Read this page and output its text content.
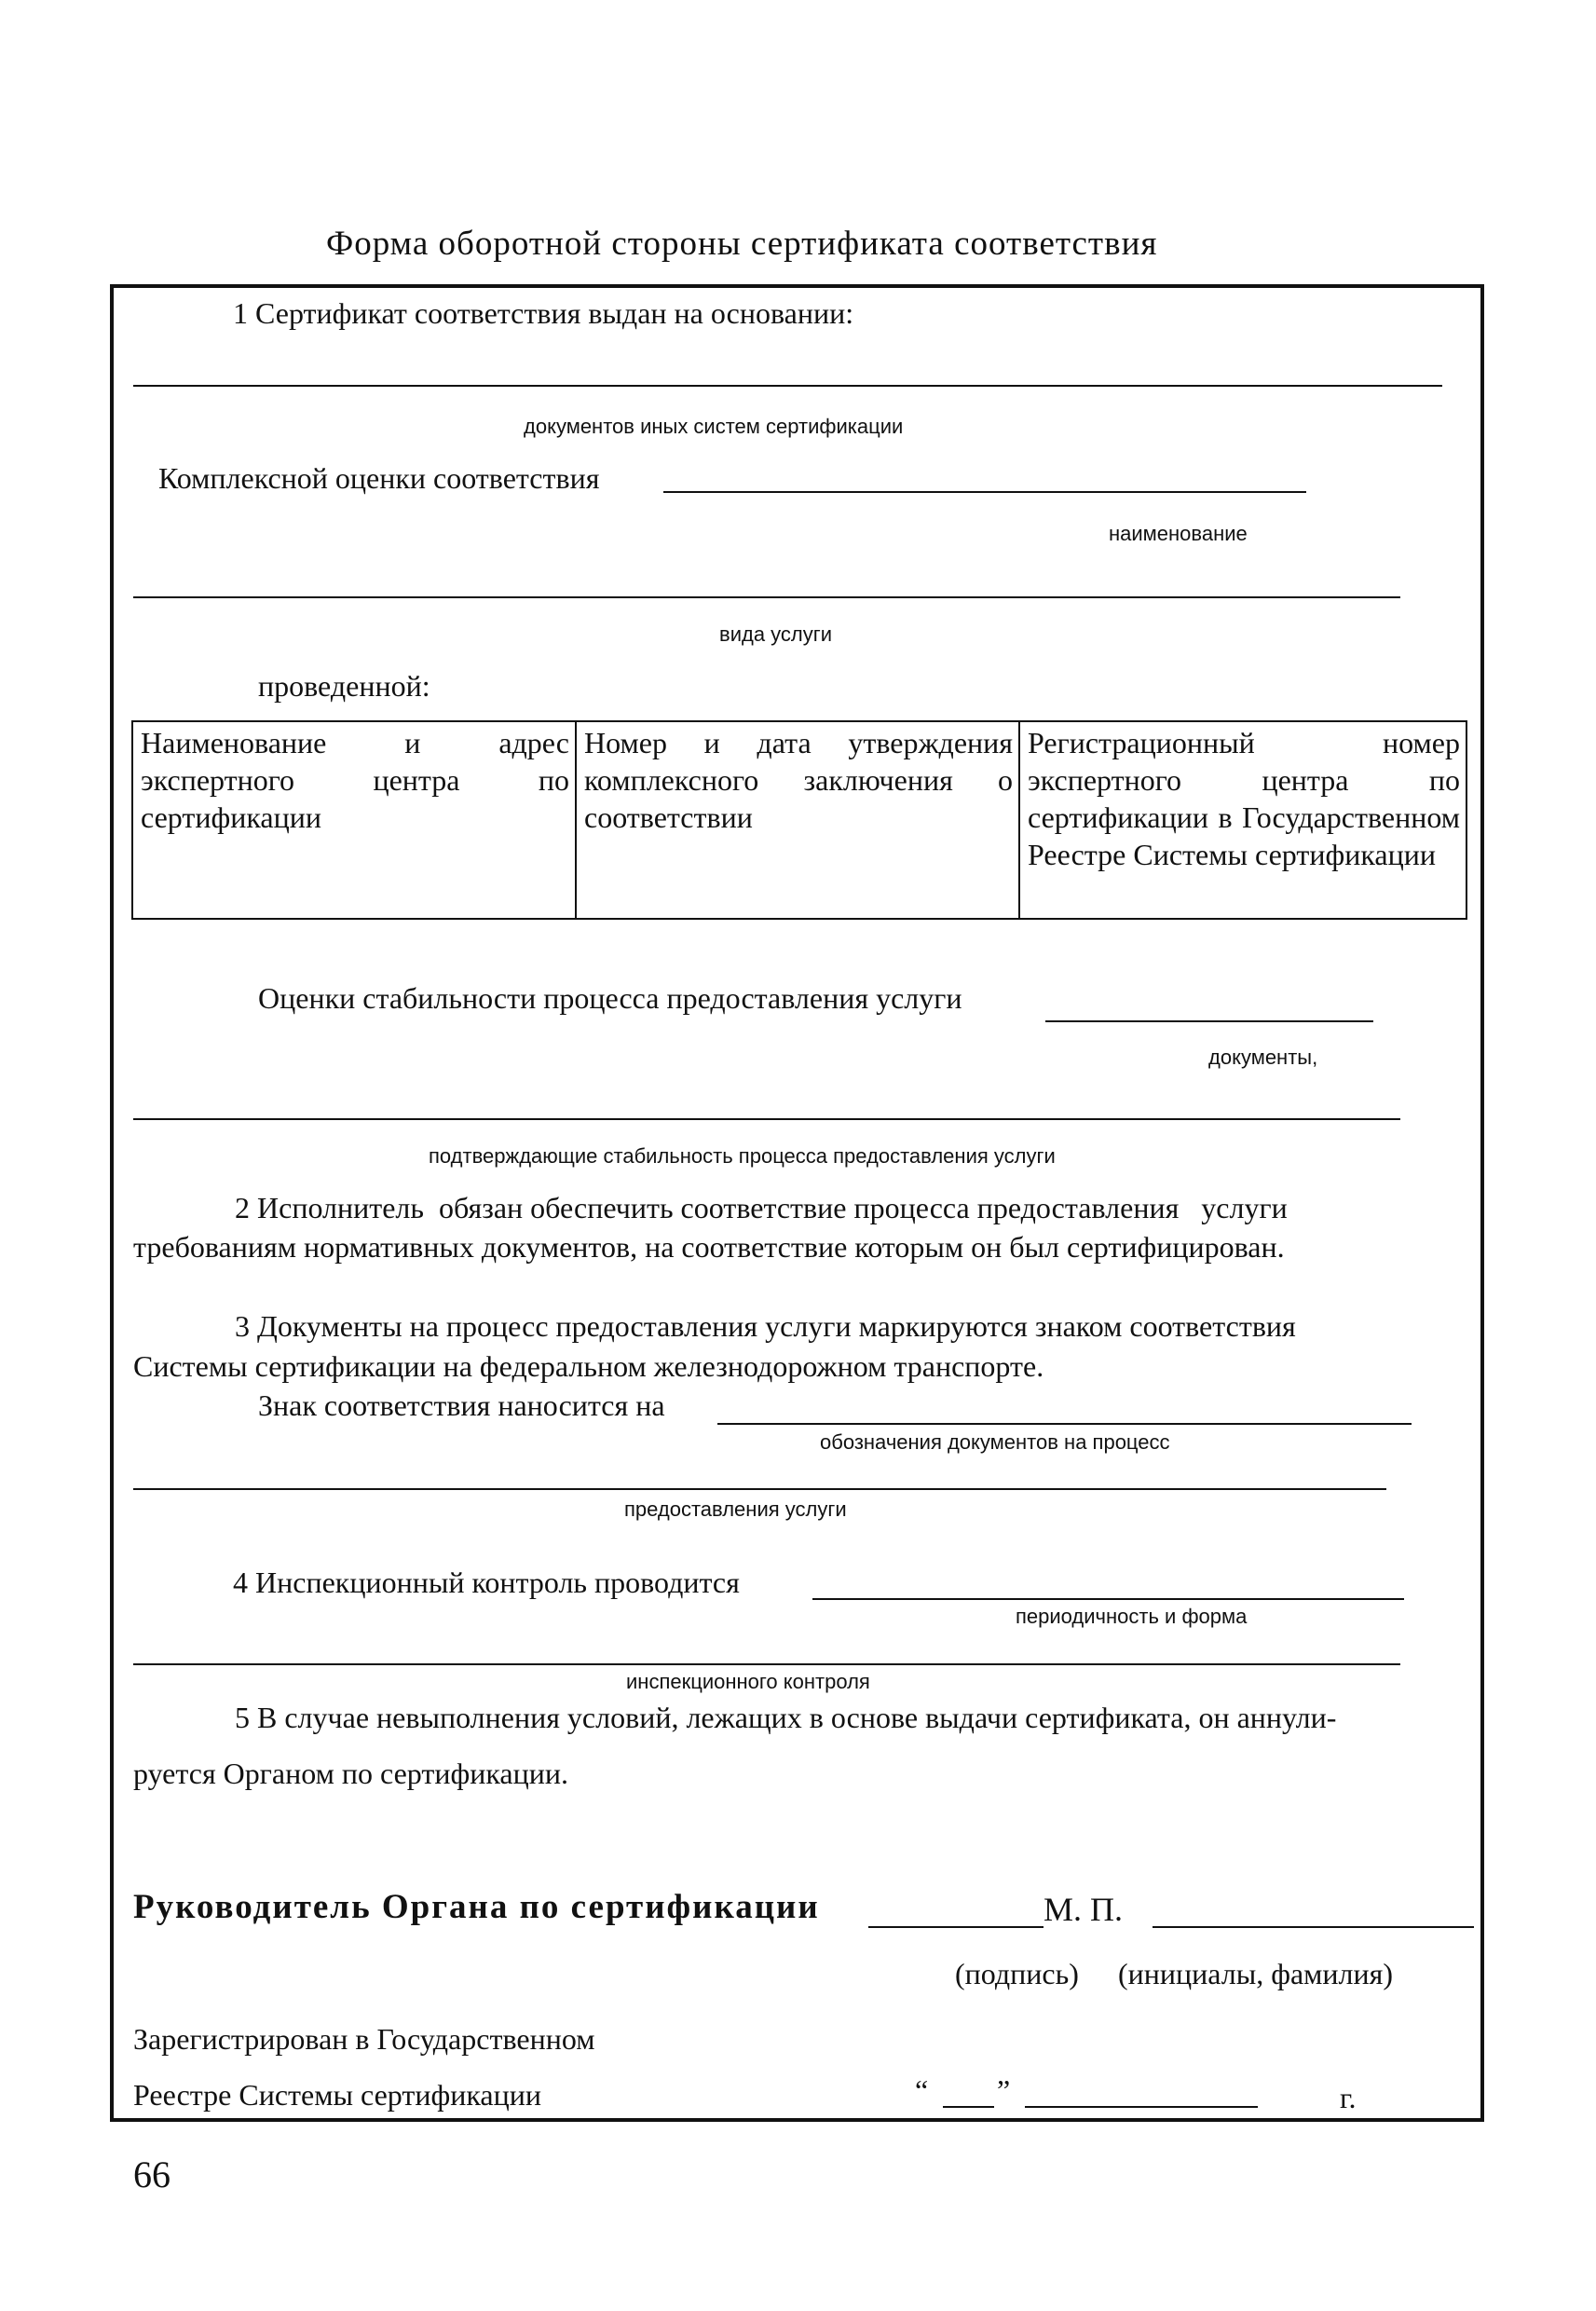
Форма оборотной стороны сертификата соответствия
1 Сертификат соответствия выдан на основании:
документов иных систем сертификации
Комплексной оценки соответствия
наименование
вида услуги
проведенной:
Наименование и адрес экспертного центра по сертификации	Номер и дата утверждения комплексного заключения о соответствии	Регистрационный номер экспертного центра по сертификации в Государственном Реестре Системы сертификации
Оценки стабильности процесса предоставления услуги
документы,
подтверждающие стабильность процесса предоставления услуги
2 Исполнитель  обязан обеспечить соответствие процесса предоставления   услуги
требованиям нормативных документов, на соответствие которым он был сертифицирован.
3 Документы на процесс предоставления услуги маркируются знаком соответствия
Системы сертификации на федеральном железнодорожном транспорте.
Знак соответствия наносится на
обозначения документов на процесс
предоставления услуги
4 Инспекционный контроль проводится
периодичность и форма
инспекционного контроля
5 В случае невыполнения условий, лежащих в основе выдачи сертификата, он аннули-
руется Органом по сертификации.
Руководитель Органа по сертификации	М. П.
(подпись) (инициалы, фамилия)
Зарегистрирован в Государственном
Реестре Системы сертификации	“ ”	г.
66
